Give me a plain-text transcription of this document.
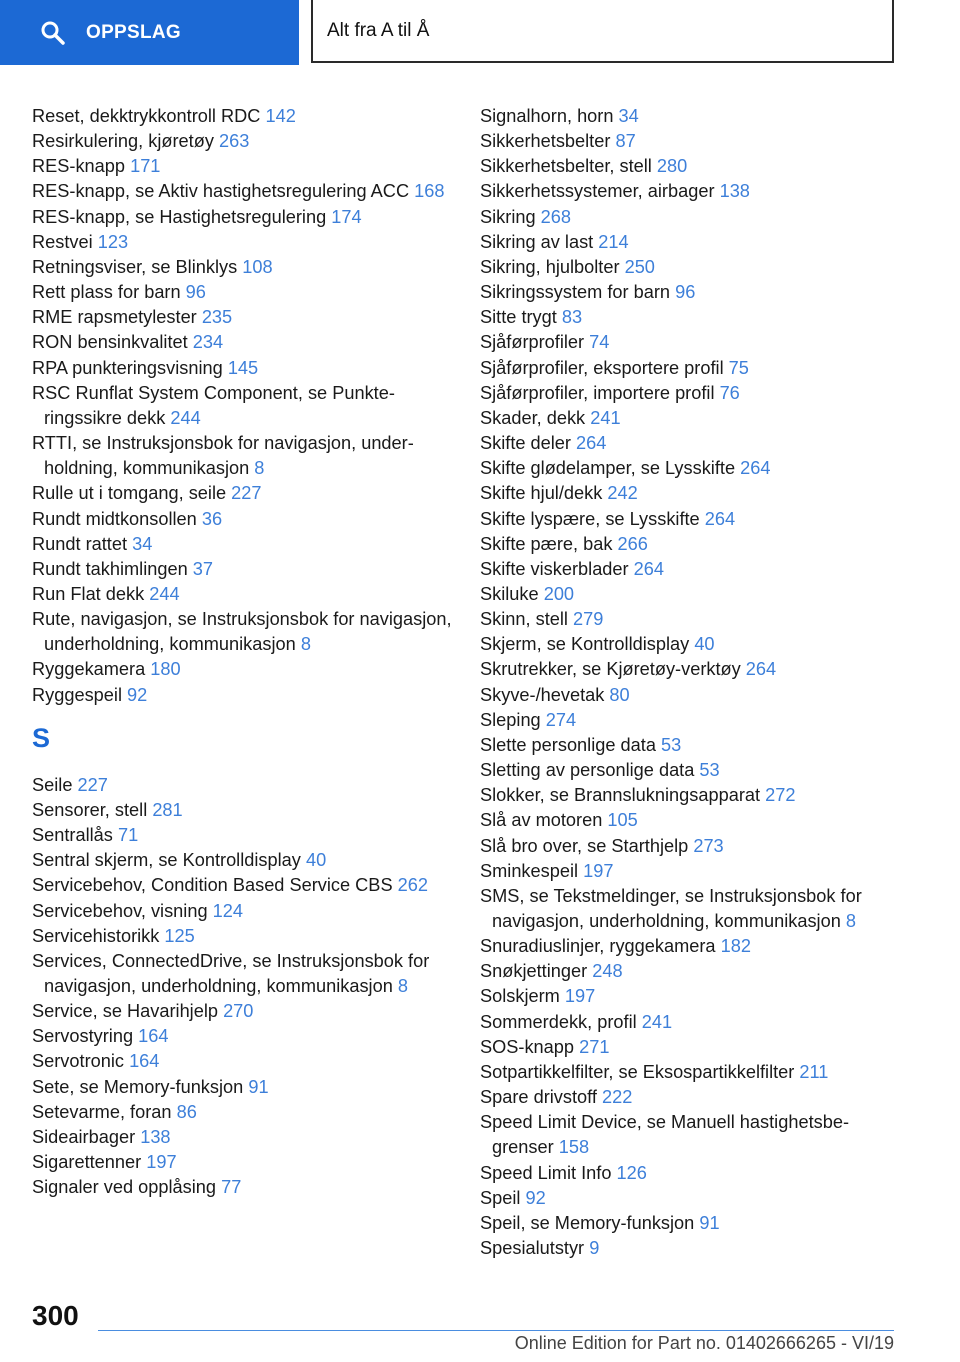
OPPSLAG	Alt fra A til Å
Reset, dekktrykkontroll RDC 142
Resirkulering, kjøretøy 263
RES-knapp 171
RES-knapp, se Aktiv hastighetsregulering ACC 168
RES-knapp, se Hastighetsregulering 174
Restvei 123
Retningsviser, se Blinklys 108
Rett plass for barn 96
RME rapsmetylester 235
RON bensinkvalitet 234
RPA punkteringsvisning 145
RSC Runflat System Component, se Punkteringssikre dekk 244
RTTI, se Instruksjonsbok for navigasjon, underholdning, kommunikasjon 8
Rulle ut i tomgang, seile 227
Rundt midtkonsollen 36
Rundt rattet 34
Rundt takhimlingen 37
Run Flat dekk 244
Rute, navigasjon, se Instruksjonsbok for navigasjon, underholdning, kommunikasjon 8
Ryggekamera 180
Ryggespeil 92
S
Seile 227
Sensorer, stell 281
Sentrallås 71
Sentral skjerm, se Kontrolldisplay 40
Servicebehov, Condition Based Service CBS 262
Servicebehov, visning 124
Servicehistorikk 125
Services, ConnectedDrive, se Instruksjonsbok for navigasjon, underholdning, kommunikasjon 8
Service, se Havarihjelp 270
Servostyring 164
Servotronic 164
Sete, se Memory-funksjon 91
Setevarme, foran 86
Sideairbager 138
Sigarettenner 197
Signaler ved opplåsing 77
Signalhorn, horn 34
Sikkerhetsbelter 87
Sikkerhetsbelter, stell 280
Sikkerhetssystemer, airbager 138
Sikring 268
Sikring av last 214
Sikring, hjulbolter 250
Sikringssystem for barn 96
Sitte trygt 83
Sjåførprofiler 74
Sjåførprofiler, eksportere profil 75
Sjåførprofiler, importere profil 76
Skader, dekk 241
Skifte deler 264
Skifte glødelamper, se Lysskifte 264
Skifte hjul/dekk 242
Skifte lyspære, se Lysskifte 264
Skifte pære, bak 266
Skifte viskerblader 264
Skiluke 200
Skinn, stell 279
Skjerm, se Kontrolldisplay 40
Skrutrekker, se Kjøretøy-verktøy 264
Skyve-/hevetak 80
Sleping 274
Slette personlige data 53
Sletting av personlige data 53
Slokker, se Brannslukningsapparat 272
Slå av motoren 105
Slå bro over, se Starthjelp 273
Sminkespeil 197
SMS, se Tekstmeldinger, se Instruksjonsbok for navigasjon, underholdning, kommunikasjon 8
Snuradiuslinjer, ryggekamera 182
Snøkjettinger 248
Solskjerm 197
Sommerdekk, profil 241
SOS-knapp 271
Sotpartikkelfilter, se Eksospartikkelfilter 211
Spare drivstoff 222
Speed Limit Device, se Manuell hastighetsbegrenser 158
Speed Limit Info 126
Speil 92
Speil, se Memory-funksjon 91
Spesialutstyr 9
300
Online Edition for Part no. 01402666265 - VI/19
